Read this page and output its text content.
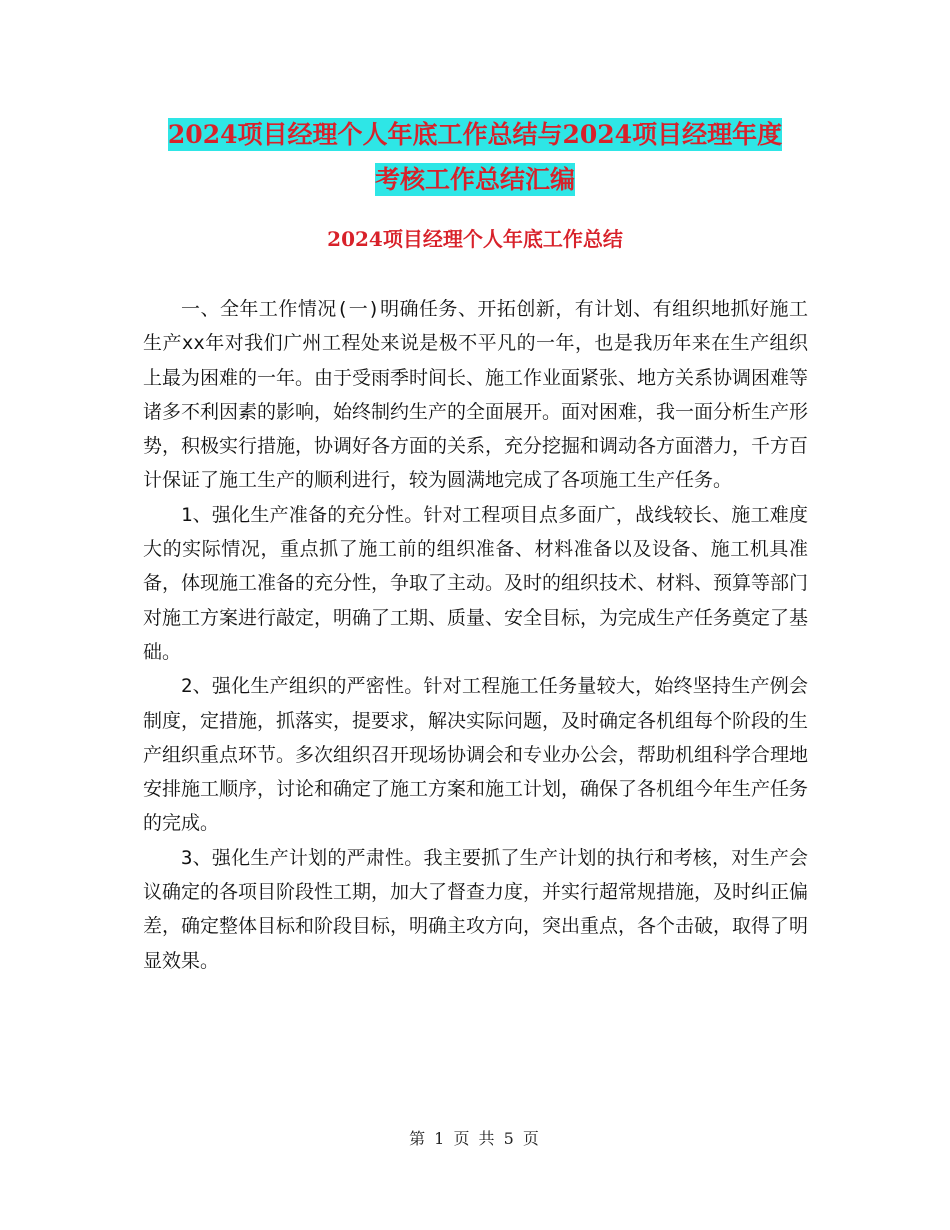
2024项目经理个人年底工作总结与2024项目经理年度
考核工作总结汇编
2024项目经理个人年底工作总结

一、全年工作情况(一)明确任务、开拓创新，有计划、有组织地抓好施工生产xx年对我们广州工程处来说是极不平凡的一年，也是我历年来在生产组织上最为困难的一年。由于受雨季时间长、施工作业面紧张、地方关系协调困难等诸多不利因素的影响，始终制约生产的全面展开。面对困难，我一面分析生产形势，积极实行措施，协调好各方面的关系，充分挖掘和调动各方面潜力，千方百计保证了施工生产的顺利进行，较为圆满地完成了各项施工生产任务。

1、强化生产准备的充分性。针对工程项目点多面广，战线较长、施工难度大的实际情况，重点抓了施工前的组织准备、材料准备以及设备、施工机具准备，体现施工准备的充分性，争取了主动。及时的组织技术、材料、预算等部门对施工方案进行敲定，明确了工期、质量、安全目标，为完成生产任务奠定了基础。

2、强化生产组织的严密性。针对工程施工任务量较大，始终坚持生产例会制度，定措施，抓落实，提要求，解决实际问题，及时确定各机组每个阶段的生产组织重点环节。多次组织召开现场协调会和专业办公会，帮助机组科学合理地安排施工顺序，讨论和确定了施工方案和施工计划，确保了各机组今年生产任务的完成。

3、强化生产计划的严肃性。我主要抓了生产计划的执行和考核，对生产会议确定的各项目阶段性工期，加大了督查力度，并实行超常规措施，及时纠正偏差，确定整体目标和阶段目标，明确主攻方向，突出重点，各个击破，取得了明显效果。

第 1 页 共 5 页
